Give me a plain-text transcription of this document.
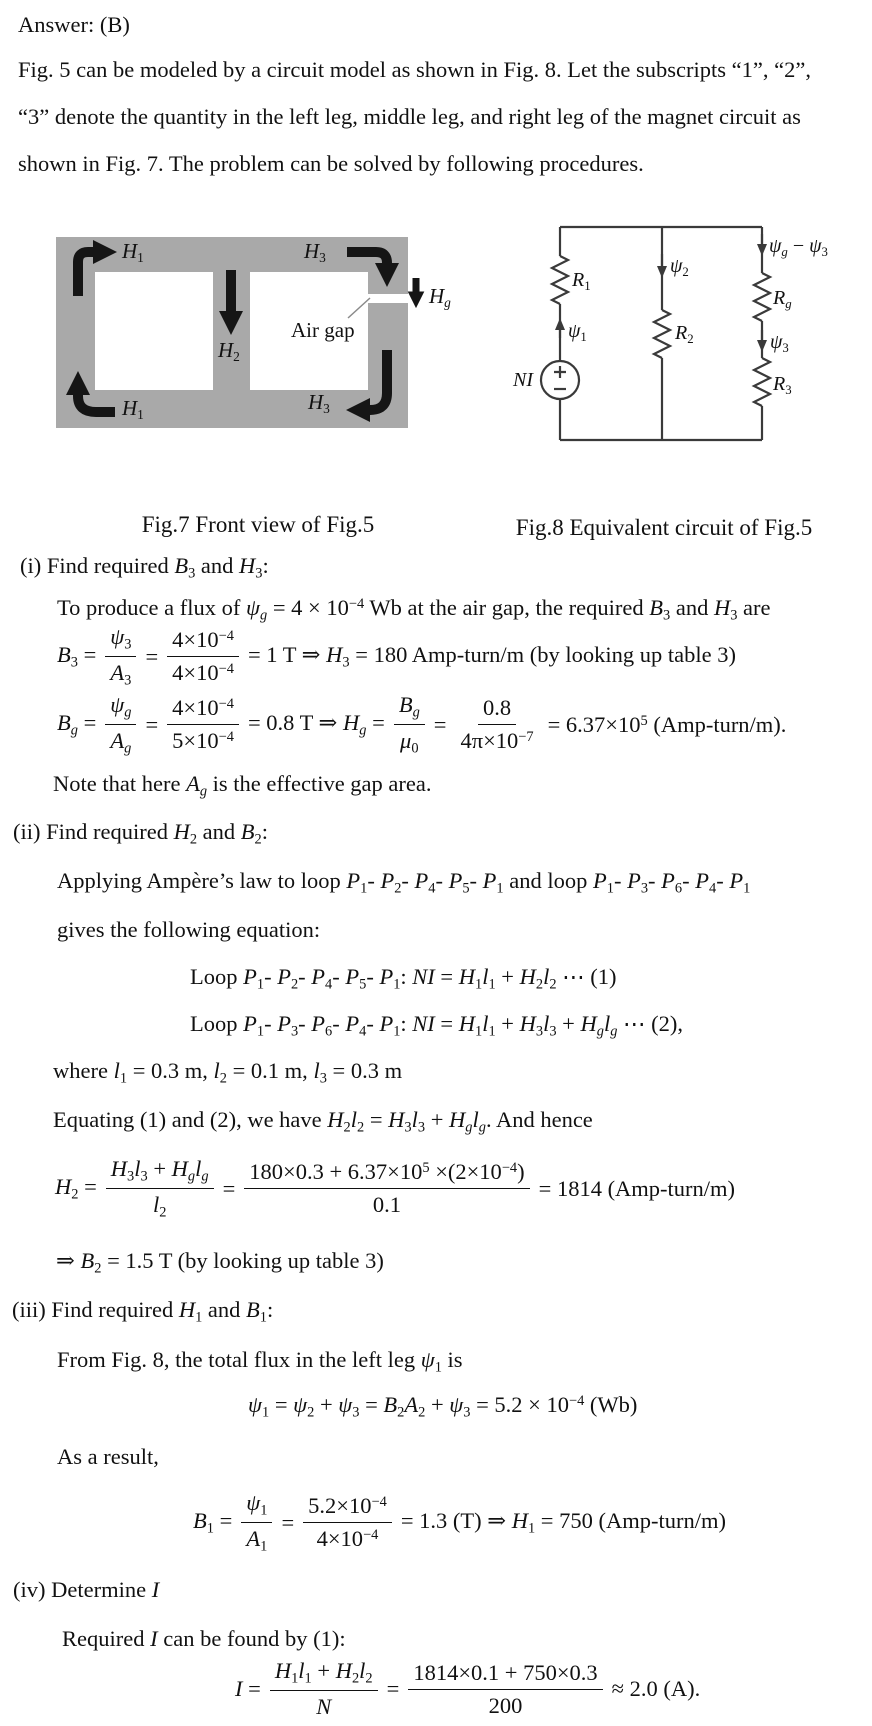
Answer: (B)
Fig. 5 can be modeled by a circuit model as shown in Fig. 8. Let the subscripts “1”, “2”,
“3” denote the quantity in the left leg, middle leg, and right leg of the magnet circuit as
shown in Fig. 7. The problem can be solved by following procedures.
H1	H3
H2
Hg
Air gap
H1
H3
Fig.7 Front view of Fig.5
NI
R1
ψ1
ψ2
R2
ψg − ψ3
Rg
ψ3
R3
Fig.8 Equivalent circuit of Fig.5
(i) Find required B3 and H3:
To produce a flux of $\psi g = 4 \times 10^{-4}$ Wb at the air gap, the required B3 and H3 are
$B3 = \frac{\psi 3}{A3} = \frac{4\times 10^{-4}}{4\times 10^{-4}} = 1$ T ⇒ H3 = 180 Amp-turn/m (by looking up table 3)
$Bg = \frac{\psi g}{Ag} = \frac{4\times 10^{-4}}{5\times 10^{-4}} = 0.8$ T ⇒ $Hg = \frac{Bg}{\mu 0} = \frac{0.8}{4\pi\times 10^{-7}} = 6.37\times 10^5$ (Amp-turn/m).
Note that here Ag is the effective gap area.
(ii) Find required H2 and B2:
Applying Ampère’s law to loop P1- P2- P4- P5- P1 and loop P1- P3- P6- P4- P1
gives the following equation:
Loop P1- P2- P4- P5- P1: NI = H1l1 + H2l2 ⋯ (1)
Loop P1- P3- P6- P4- P1: NI = H1l1 + H3l3 + Hglg ⋯ (2),
where l1 = 0.3 m, l2 = 0.1 m, l3 = 0.3 m
Equating (1) and (2), we have H2l2 = H3l3 + Hglg. And hence
$H2 = \frac{H3l3 + Hglg}{l2} = \frac{180\times 0.3 + 6.37\times 10^5 \times(2\times 10^{-4})}{0.1} = 1814$ (Amp-turn/m)
⇒ B2 = 1.5 T (by looking up table 3)
(iii) Find required H1 and B1:
From Fig. 8, the total flux in the left leg ψ1 is
$\psi 1 = \psi 2 + \psi 3 = B2A2 + \psi 3 = 5.2 \times 10^{-4}$ (Wb)
As a result,
$B1 = \frac{\psi 1}{A1} = \frac{5.2\times 10^{-4}}{4\times 10^{-4}} = 1.3$ (T) ⇒ H1 = 750 (Amp-turn/m)
(iv) Determine I
Required I can be found by (1):
$I = \frac{H1l1 + H2l2}{N} = \frac{1814\times 0.1 + 750\times 0.3}{200} \approx 2.0$ (A).
